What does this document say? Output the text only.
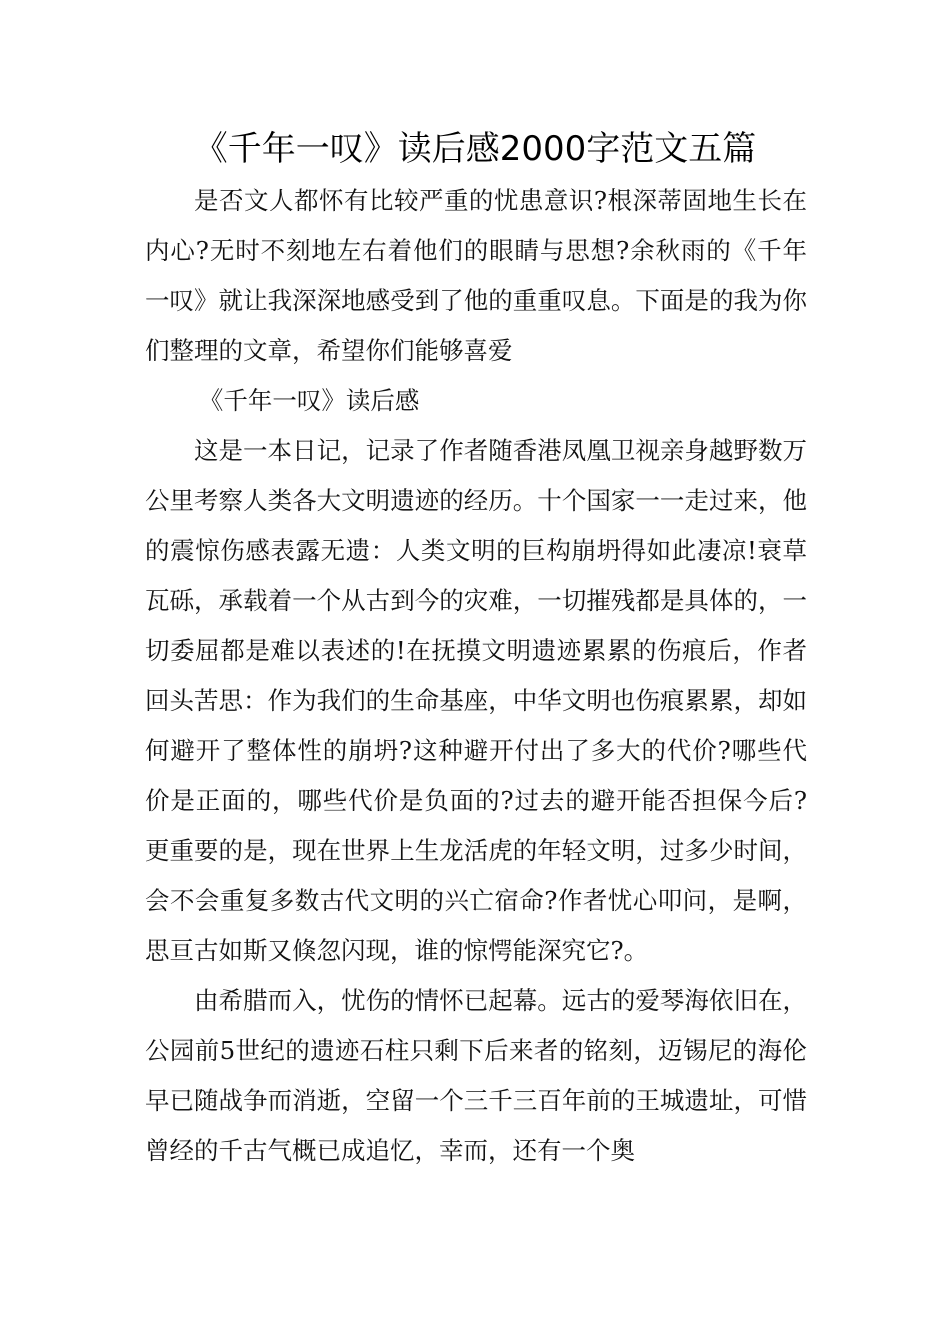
《千年一叹》读后感2000字范文五篇

是否文人都怀有比较严重的忧患意识?根深蒂固地生长在内心?无时不刻地左右着他们的眼睛与思想?余秋雨的《千年一叹》就让我深深地感受到了他的重重叹息。下面是的我为你们整理的文章，希望你们能够喜爱

《千年一叹》读后感

这是一本日记，记录了作者随香港凤凰卫视亲身越野数万公里考察人类各大文明遗迹的经历。十个国家一一走过来，他的震惊伤感表露无遗：人类文明的巨构崩坍得如此凄凉!衰草瓦砾，承载着一个从古到今的灾难，一切摧残都是具体的，一切委屈都是难以表述的!在抚摸文明遗迹累累的伤痕后，作者回头苦思：作为我们的生命基座，中华文明也伤痕累累，却如何避开了整体性的崩坍?这种避开付出了多大的代价?哪些代价是正面的，哪些代价是负面的?过去的避开能否担保今后?更重要的是，现在世界上生龙活虎的年轻文明，过多少时间，会不会重复多数古代文明的兴亡宿命?作者忧心叩问，是啊，思亘古如斯又倏忽闪现，谁的惊愕能深究它?。

由希腊而入，忧伤的情怀已起幕。远古的爱琴海依旧在，公园前5世纪的遗迹石柱只剩下后来者的铭刻，迈锡尼的海伦早已随战争而消逝，空留一个三千三百年前的王城遗址，可惜曾经的千古气概已成追忆，幸而，还有一个奥
